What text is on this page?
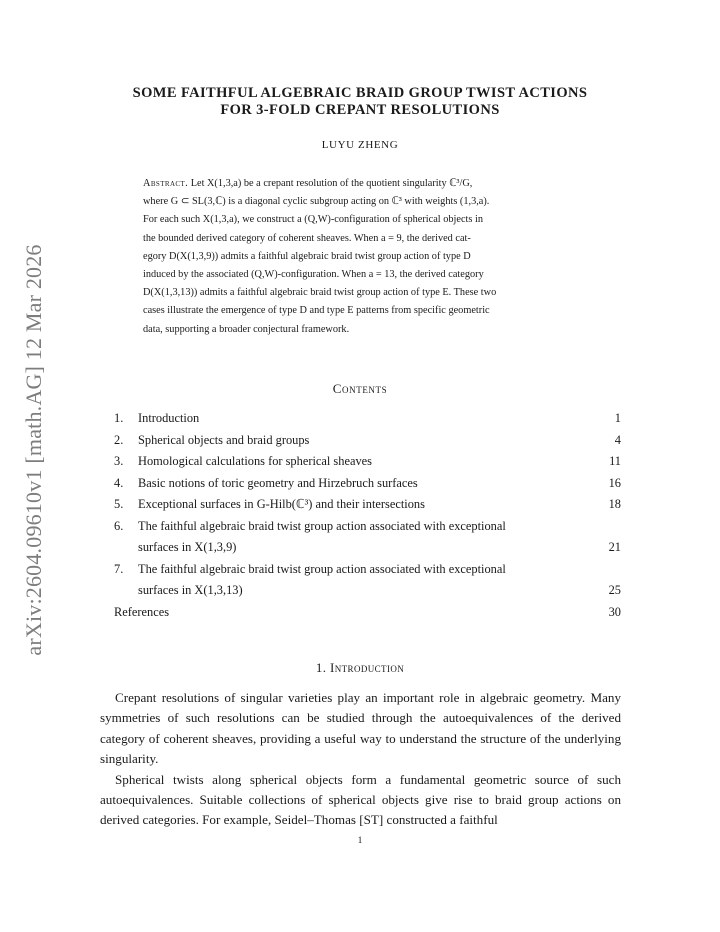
arXiv:2604.09610v1 [math.AG] 12 Mar 2026
SOME FAITHFUL ALGEBRAIC BRAID GROUP TWIST ACTIONS
FOR 3-FOLD CREPANT RESOLUTIONS
LUYU ZHENG
Abstract. Let X(1,3,a) be a crepant resolution of the quotient singularity ℂ³/G,
where G ⊂ SL(3,ℂ) is a diagonal cyclic subgroup acting on ℂ³ with weights (1,3,a).
For each such X(1,3,a), we construct a (Q,W)-configuration of spherical objects in
the bounded derived category of coherent sheaves. When a = 9, the derived cat-
egory D(X(1,3,9)) admits a faithful algebraic braid twist group action of type D
induced by the associated (Q,W)-configuration. When a = 13, the derived category
D(X(1,3,13)) admits a faithful algebraic braid twist group action of type E. These two
cases illustrate the emergence of type D and type E patterns from specific geometric
data, supporting a broader conjectural framework.
Contents
1. Introduction	1
2. Spherical objects and braid groups	4
3. Homological calculations for spherical sheaves	11
4. Basic notions of toric geometry and Hirzebruch surfaces	16
5. Exceptional surfaces in G-Hilb(ℂ³) and their intersections	18
6. The faithful algebraic braid twist group action associated with exceptional
surfaces in X(1,3,9)	21
7. The faithful algebraic braid twist group action associated with exceptional
surfaces in X(1,3,13)	25
References	30
1. Introduction

Crepant resolutions of singular varieties play an important role in algebraic geometry. Many symmetries of such resolutions can be studied through the autoequivalences of the derived category of coherent sheaves, providing a useful way to understand the structure of the underlying singularity.

Spherical twists along spherical objects form a fundamental geometric source of such autoequivalences. Suitable collections of spherical objects give rise to braid group actions on derived categories. For example, Seidel–Thomas [ST] constructed a faithful

1
